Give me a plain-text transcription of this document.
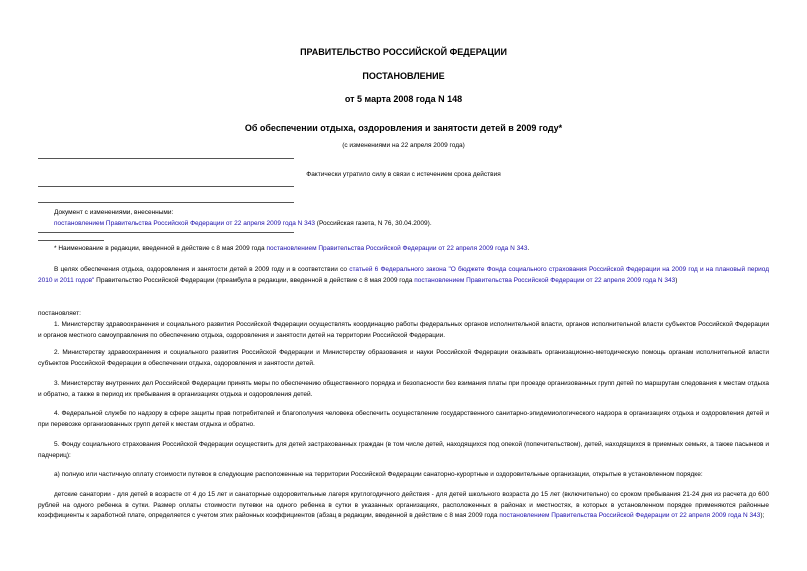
ПРАВИТЕЛЬСТВО РОССИЙСКОЙ ФЕДЕРАЦИИ
ПОСТАНОВЛЕНИЕ
от 5 марта 2008 года N 148
Об обеспечении отдыха, оздоровления и занятости детей в 2009 году*
(с изменениями на 22 апреля 2009 года)
Фактически утратило силу в связи с истечением срока действия

Документ с изменениями, внесенными:

постановлением Правительства Российской Федерации от 22 апреля 2009 года N 343 (Российская газета, N 76, 30.04.2009).

* Наименование в редакции, введенной в действие с 8 мая 2009 года постановлением Правительства Российской Федерации от 22 апреля 2009 года N 343.
В целях обеспечения отдыха, оздоровления и занятости детей в 2009 году и в соответствии со статьей 6 Федерального закона "О бюджете Фонда социального страхования Российской Федерации на 2009 год и на плановый период 2010 и 2011 годов" Правительство Российской Федерации (преамбула в редакции, введенной в действие с 8 мая 2009 года постановлением Правительства Российской Федерации от 22 апреля 2009 года N 343)
постановляет:
1. Министерству здравоохранения и социального развития Российской Федерации осуществлять координацию работы федеральных органов исполнительной власти, органов исполнительной власти субъектов Российской Федерации и органов местного самоуправления по обеспечению отдыха, оздоровления и занятости детей на территории Российской Федерации.
2. Министерству здравоохранения и социального развития Российской Федерации и Министерству образования и науки Российской Федерации оказывать организационно-методическую помощь органам исполнительной власти субъектов Российской Федерации в обеспечении отдыха, оздоровления и занятости детей.
3. Министерству внутренних дел Российской Федерации принять меры по обеспечению общественного порядка и безопасности без взимания платы при проезде организованных групп детей по маршрутам следования к местам отдыха и обратно, а также в период их пребывания в организациях отдыха и оздоровления детей.
4. Федеральной службе по надзору в сфере защиты прав потребителей и благополучия человека обеспечить осуществление государственного санитарно-эпидемиологического надзора в организациях отдыха и оздоровления детей и при перевозке организованных групп детей к местам отдыха и обратно.
5. Фонду социального страхования Российской Федерации осуществить для детей застрахованных граждан (в том числе детей, находящихся под опекой (попечительством), детей, находящихся в приемных семьях, а также пасынков и падчериц):
а) полную или частичную оплату стоимости путевок в следующие расположенные на территории Российской Федерации санаторно-курортные и оздоровительные организации, открытые в установленном порядке:
детские санатории - для детей в возрасте от 4 до 15 лет и санаторные оздоровительные лагеря круглогодичного действия - для детей школьного возраста до 15 лет (включительно) со сроком пребывания 21-24 дня из расчета до 600 рублей на одного ребенка в сутки. Размер оплаты стоимости путевки на одного ребенка в сутки в указанных организациях, расположенных в районах и местностях, в которых в установленном порядке применяются районные коэффициенты к заработной плате, определяется с учетом этих районных коэффициентов (абзац в редакции, введенной в действие с 8 мая 2009 года постановлением Правительства Российской Федерации от 22 апреля 2009 года N 343);
